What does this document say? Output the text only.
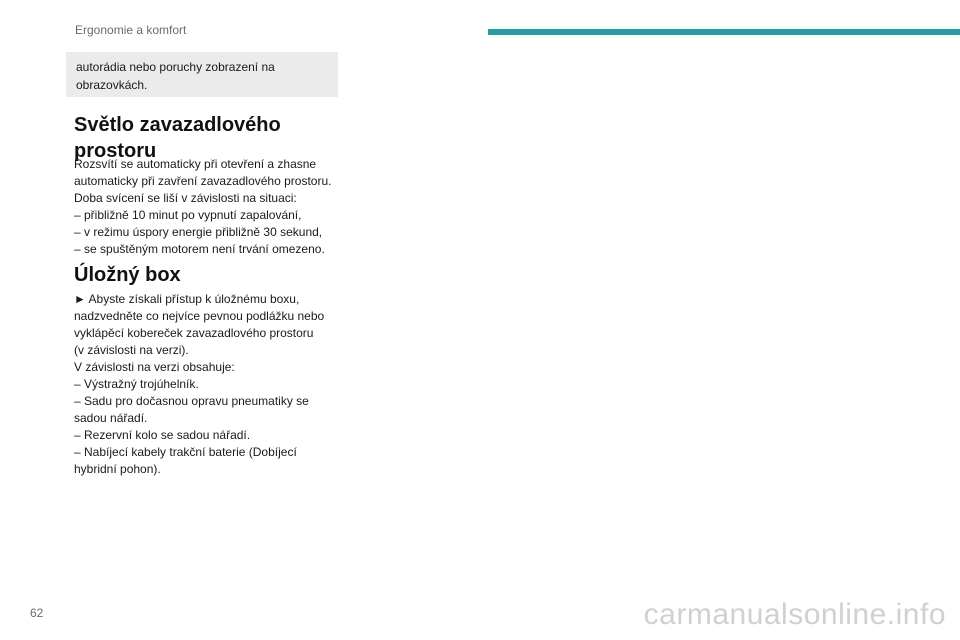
Ergonomie a komfort
autorádia nebo poruchy zobrazení na
obrazovkách.
Světlo zavazadlového
prostoru
Rozsvítí se automaticky při otevření a zhasne
automaticky při zavření zavazadlového prostoru.
Doba svícení se liší v závislosti na situaci:
– přibližně 10 minut po vypnutí zapalování,
– v režimu úspory energie přibližně 30 sekund,
– se spuštěným motorem není trvání omezeno.
Úložný box
► Abyste získali přístup k úložnému boxu,
nadzvedněte co nejvíce pevnou podlážku nebo
vyklápěcí kobereček zavazadlového prostoru
(v závislosti na verzi).
V závislosti na verzi obsahuje:
– Výstražný trojúhelník.
– Sadu pro dočasnou opravu pneumatiky se
sadou nářadí.
– Rezervní kolo se sadou nářadí.
– Nabíjecí kabely trakční baterie (Dobíjecí
hybridní pohon).
62	carmanualsonline.info
